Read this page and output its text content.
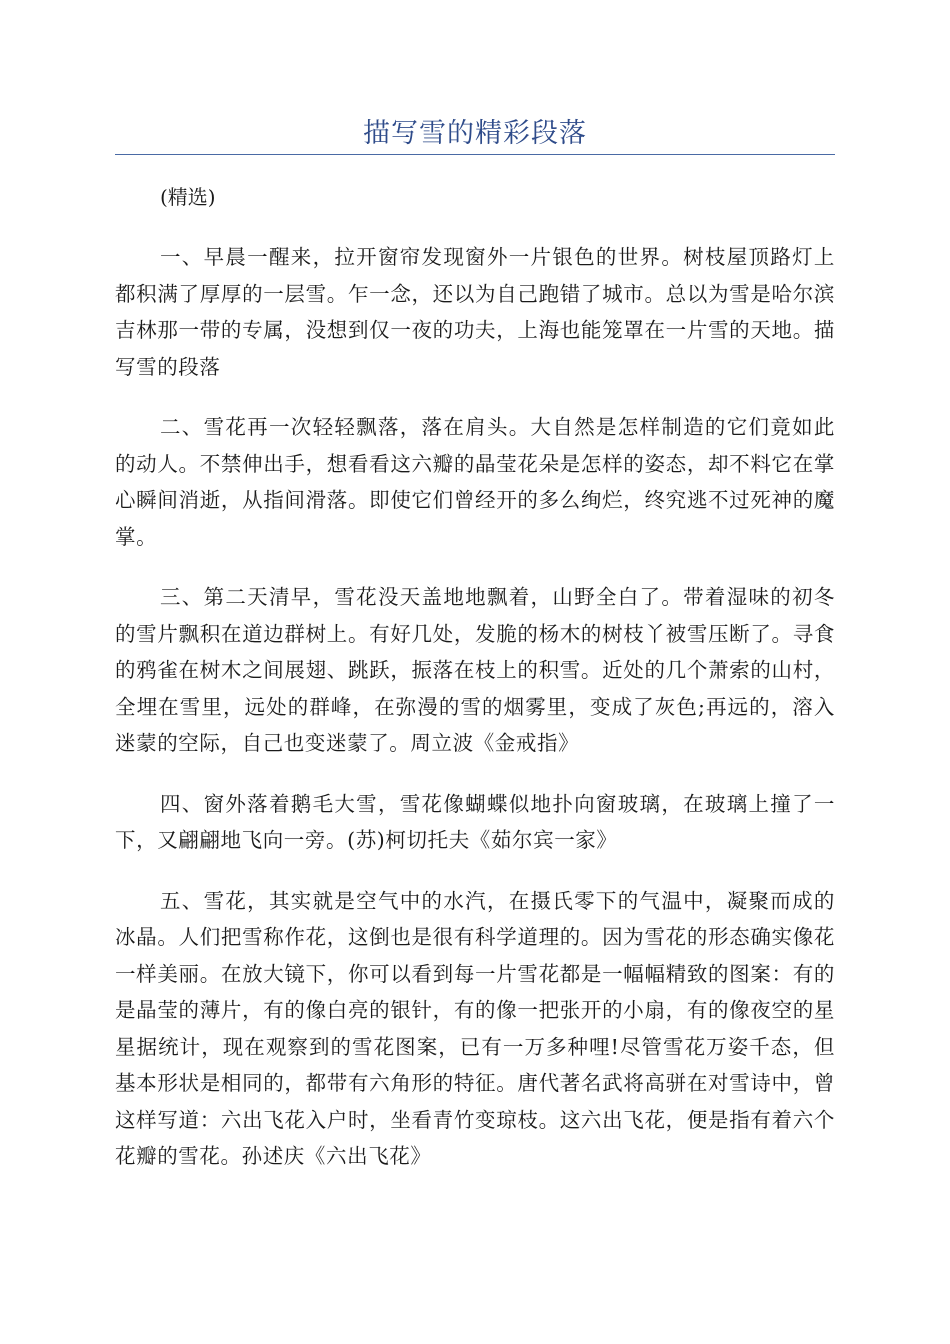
描写雪的精彩段落
(精选)

一、早晨一醒来，拉开窗帘发现窗外一片银色的世界。树枝屋顶路灯上都积满了厚厚的一层雪。乍一念，还以为自己跑错了城市。总以为雪是哈尔滨吉林那一带的专属，没想到仅一夜的功夫，上海也能笼罩在一片雪的天地。描写雪的段落

二、雪花再一次轻轻飘落，落在肩头。大自然是怎样制造的它们竟如此的动人。不禁伸出手，想看看这六瓣的晶莹花朵是怎样的姿态，却不料它在掌心瞬间消逝，从指间滑落。即使它们曾经开的多么绚烂，终究逃不过死神的魔掌。

三、第二天清早，雪花没天盖地地飘着，山野全白了。带着湿味的初冬的雪片飘积在道边群树上。有好几处，发脆的杨木的树枝丫被雪压断了。寻食的鸦雀在树木之间展翅、跳跃，振落在枝上的积雪。近处的几个萧索的山村，全埋在雪里，远处的群峰，在弥漫的雪的烟雾里，变成了灰色;再远的，溶入迷蒙的空际，自己也变迷蒙了。周立波《金戒指》

四、窗外落着鹅毛大雪，雪花像蝴蝶似地扑向窗玻璃，在玻璃上撞了一下，又翩翩地飞向一旁。(苏)柯切托夫《茹尔宾一家》

五、雪花，其实就是空气中的水汽，在摄氏零下的气温中，凝聚而成的冰晶。人们把雪称作花，这倒也是很有科学道理的。因为雪花的形态确实像花一样美丽。在放大镜下，你可以看到每一片雪花都是一幅幅精致的图案：有的是晶莹的薄片，有的像白亮的银针，有的像一把张开的小扇，有的像夜空的星星据统计，现在观察到的雪花图案，已有一万多种哩!尽管雪花万姿千态，但基本形状是相同的，都带有六角形的特征。唐代著名武将高骈在对雪诗中，曾这样写道：六出飞花入户时，坐看青竹变琼枝。这六出飞花，便是指有着六个花瓣的雪花。孙述庆《六出飞花》
